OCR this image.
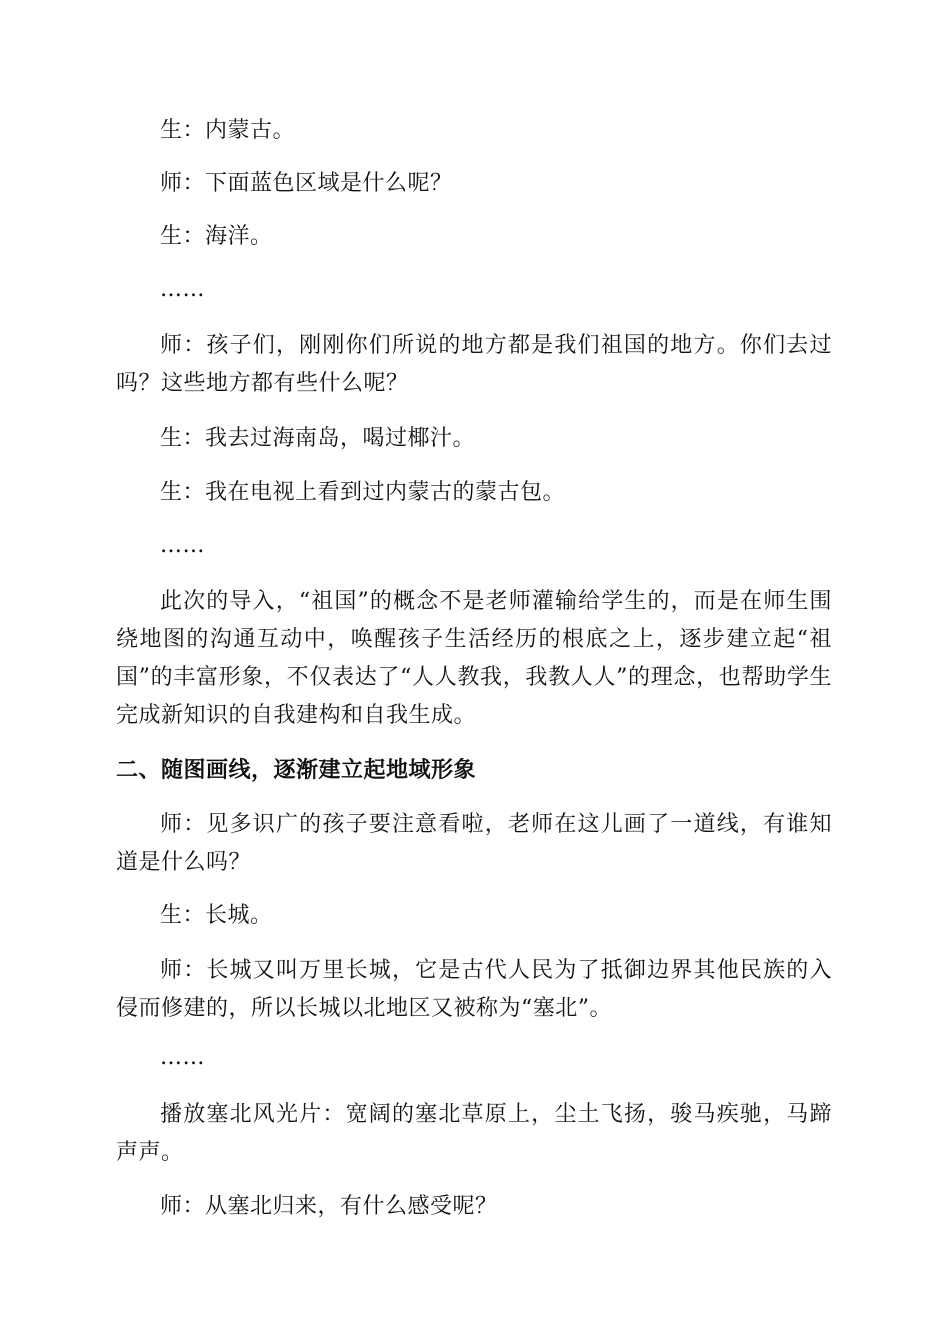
生：内蒙古。

师：下面蓝色区域是什么呢？

生：海洋。

……

师：孩子们，刚刚你们所说的地方都是我们祖国的地方。你们去过吗？这些地方都有些什么呢？

生：我去过海南岛，喝过椰汁。

生：我在电视上看到过内蒙古的蒙古包。

……

此次的导入，“祖国”的概念不是老师灌输给学生的，而是在师生围绕地图的沟通互动中，唤醒孩子生活经历的根底之上，逐步建立起“祖国”的丰富形象，不仅表达了“人人教我，我教人人”的理念，也帮助学生完成新知识的自我建构和自我生成。

二、随图画线，逐渐建立起地域形象

师：见多识广的孩子要注意看啦，老师在这儿画了一道线，有谁知道是什么吗？

生：长城。

师：长城又叫万里长城，它是古代人民为了抵御边界其他民族的入侵而修建的，所以长城以北地区又被称为“塞北”。

……

播放塞北风光片：宽阔的塞北草原上，尘土飞扬，骏马疾驰，马蹄声声。

师：从塞北归来，有什么感受呢？
